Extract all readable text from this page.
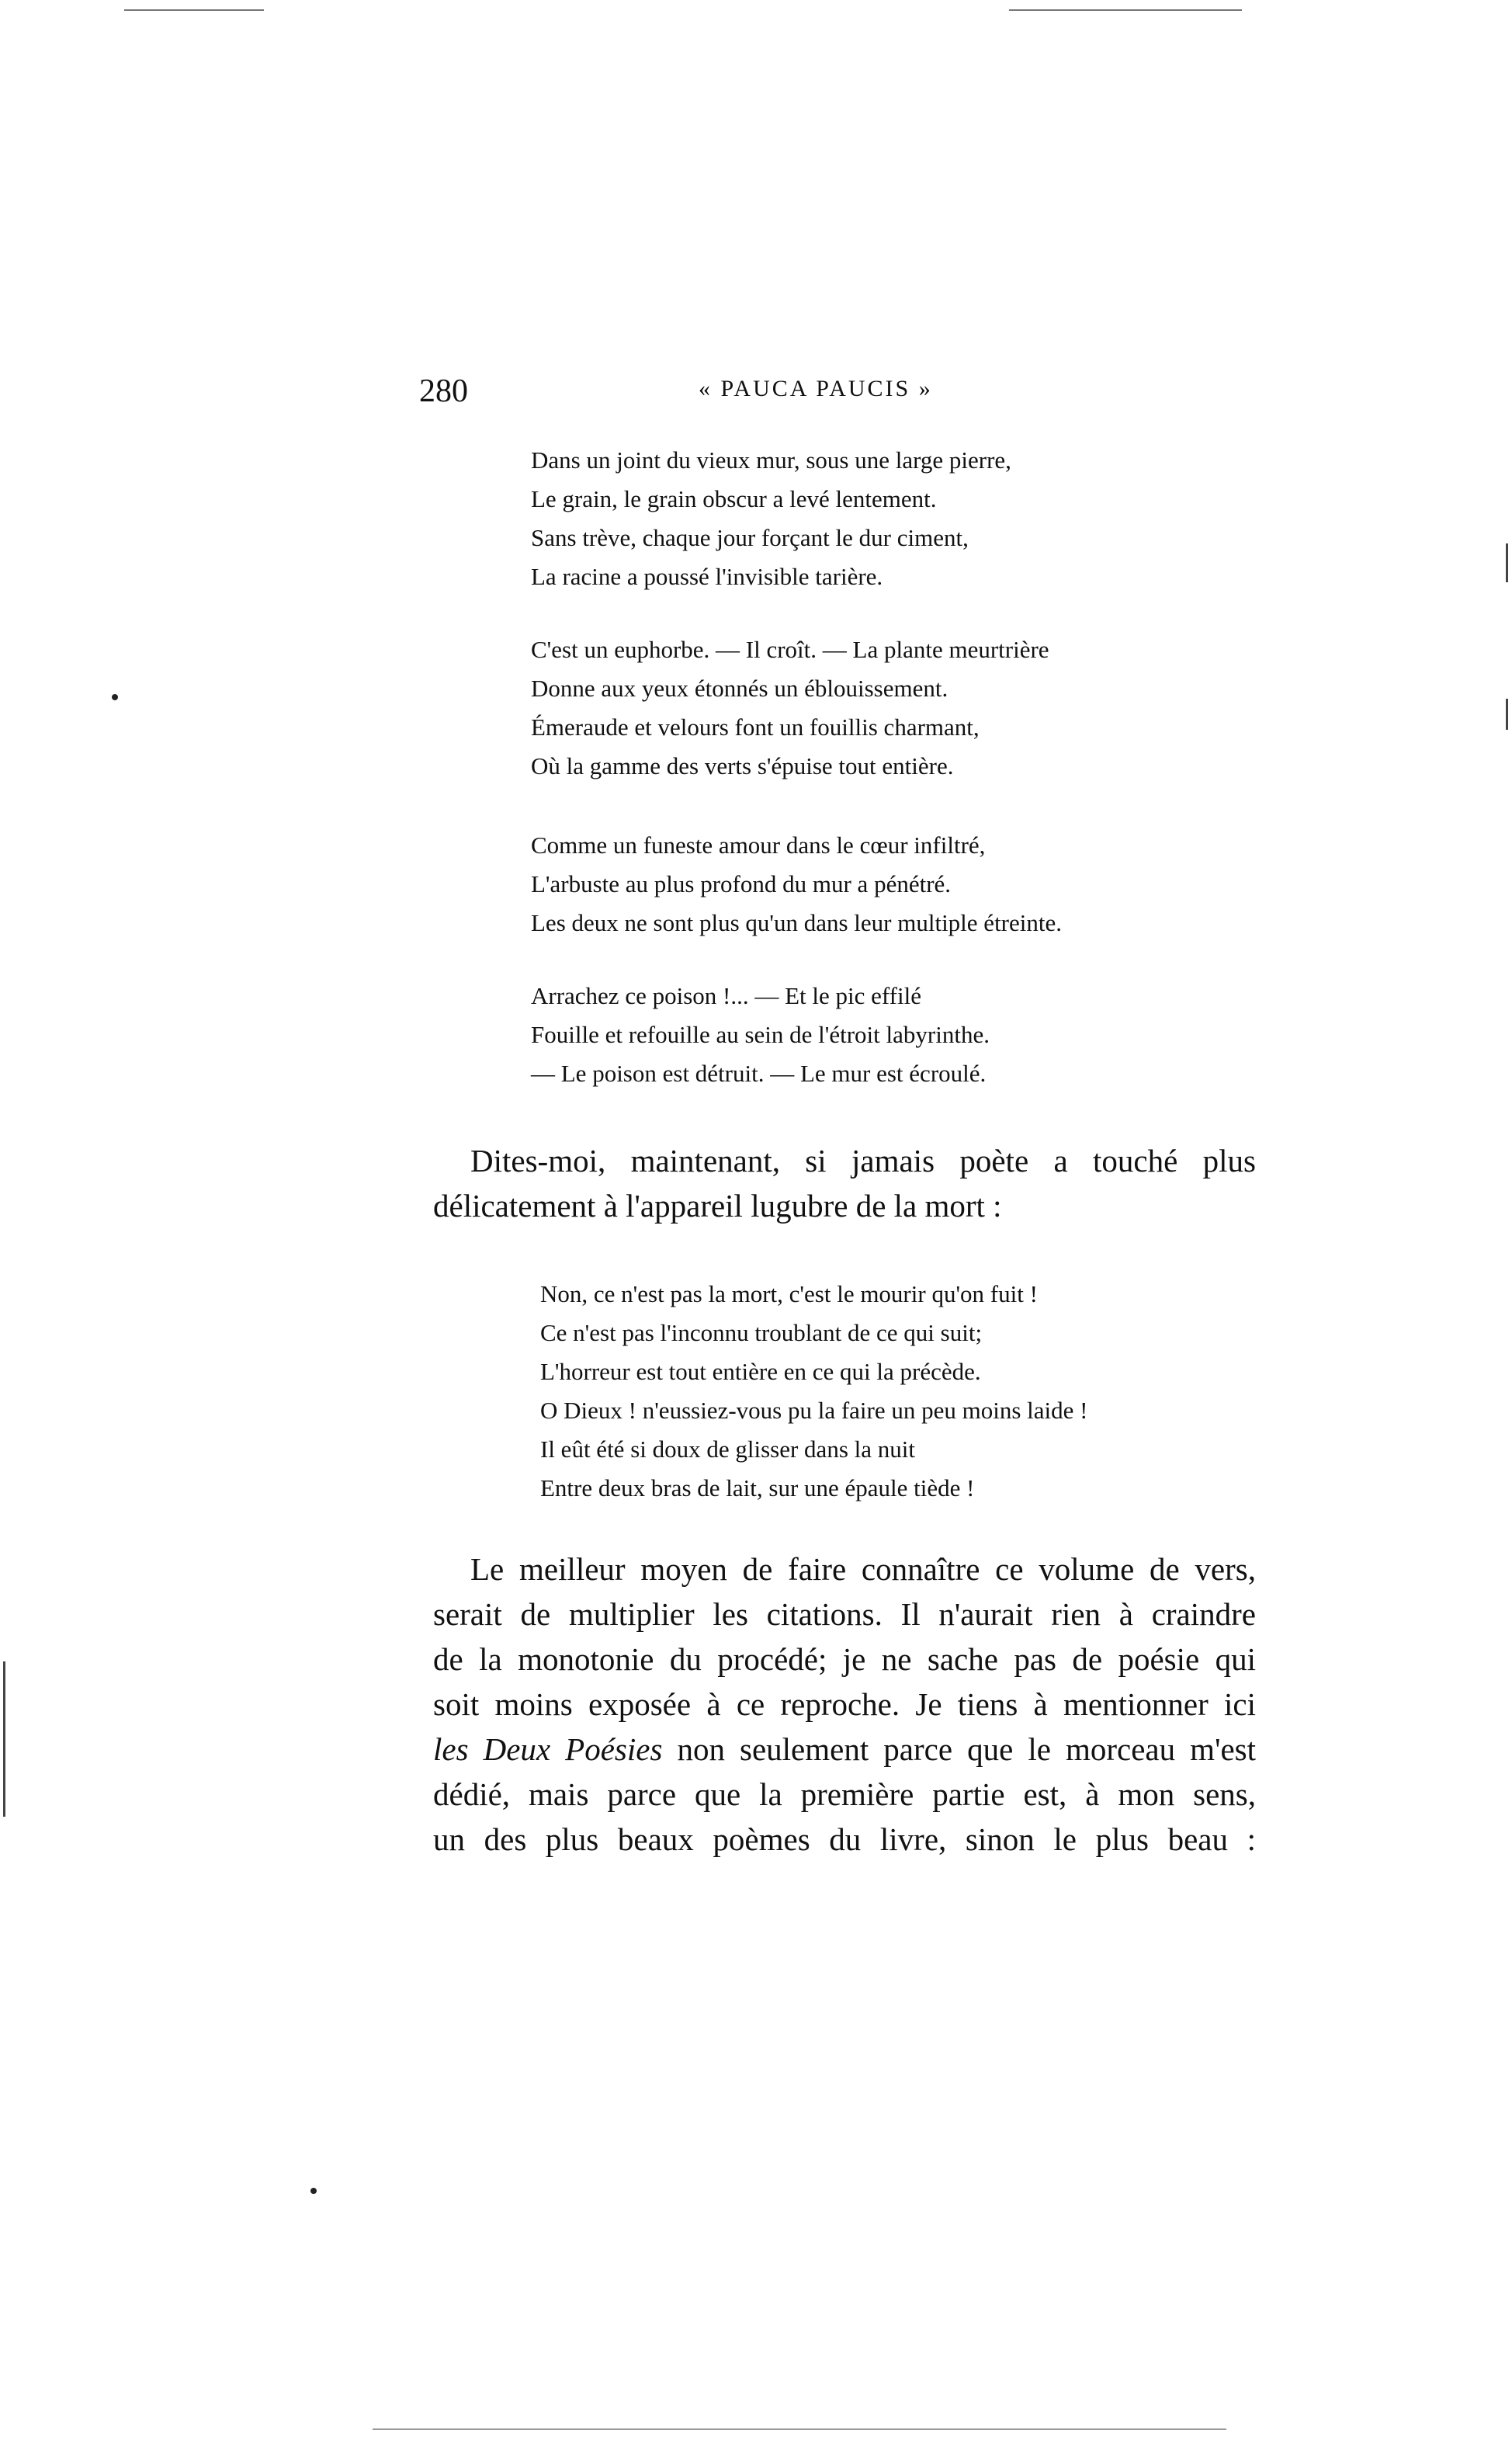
280	« PAUCA PAUCIS »
Dans un joint du vieux mur, sous une large pierre,
Le grain, le grain obscur a levé lentement.
Sans trève, chaque jour forçant le dur ciment,
La racine a poussé l'invisible tarière.
C'est un euphorbe. — Il croît. — La plante meurtrière
Donne aux yeux étonnés un éblouissement.
Émeraude et velours font un fouillis charmant,
Où la gamme des verts s'épuise tout entière.
Comme un funeste amour dans le cœur infiltré,
L'arbuste au plus profond du mur a pénétré.
Les deux ne sont plus qu'un dans leur multiple étreinte.
Arrachez ce poison !... — Et le pic effilé
Fouille et refouille au sein de l'étroit labyrinthe.
— Le poison est détruit. — Le mur est écroulé.
Dites-moi, maintenant, si jamais poète a touché plus
délicatement à l'appareil lugubre de la mort :
Non, ce n'est pas la mort, c'est le mourir qu'on fuit !
Ce n'est pas l'inconnu troublant de ce qui suit;
L'horreur est tout entière en ce qui la précède.
O Dieux ! n'eussiez-vous pu la faire un peu moins laide !
Il eût été si doux de glisser dans la nuit
Entre deux bras de lait, sur une épaule tiède !
Le meilleur moyen de faire connaître ce volume de vers,
serait de multiplier les citations. Il n'aurait rien à craindre
de la monotonie du procédé; je ne sache pas de poésie qui
soit moins exposée à ce reproche. Je tiens à mentionner ici
les Deux Poésies non seulement parce que le morceau m'est
dédié, mais parce que la première partie est, à mon sens,
un des plus beaux poèmes du livre, sinon le plus beau :
